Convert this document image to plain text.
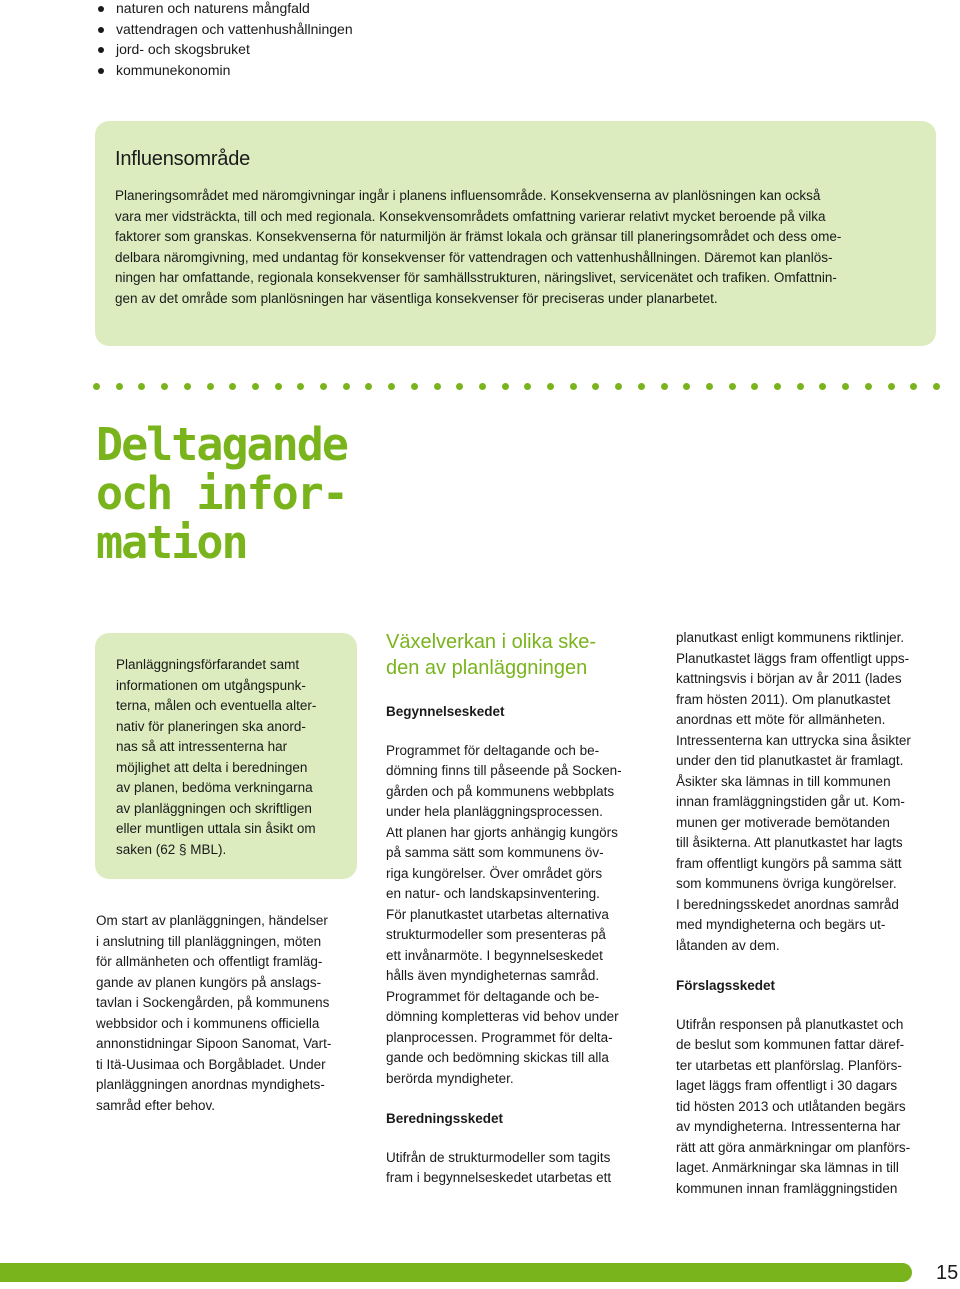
naturen och naturens mångfald
vattendragen och vattenhushållningen
jord- och skogsbruket
kommunekonomin
Influensområde

Planeringsområdet med näromgivningar ingår i planens influensområde. Konsekvenserna av planlösningen kan också
vara mer vidsträckta, till och med regionala. Konsekvensområdets omfattning varierar relativt mycket beroende på vilka
faktorer som granskas. Konsekvenserna för naturmiljön är främst lokala och gränsar till planeringsområdet och dess ome-
delbara näromgivning, med undantag för konsekvenser för vattendragen och vattenhushållningen. Däremot kan planlös-
ningen har omfattande, regionala konsekvenser för samhällsstrukturen, näringslivet, servicenätet och trafiken. Omfattnin-
gen av det område som planlösningen har väsentliga konsekvenser för preciseras under planarbetet.

Deltagande
och infor-
mation

Planläggningsförfarandet samt
informationen om utgångspunk-
terna, målen och eventuella alter-
nativ för planeringen ska anord-
nas så att intressenterna har
möjlighet att delta i beredningen
av planen, bedöma verkningarna
av planläggningen och skriftligen
eller muntligen uttala sin åsikt om
saken (62 § MBL).

Om start av planläggningen, händelser
i anslutning till planläggningen, möten
för allmänheten och offentligt framläg-
gande av planen kungörs på anslags-
tavlan i Sockengården, på kommunens
webbsidor och i kommunens officiella
annonstidningar Sipoon Sanomat, Vart-
ti Itä-Uusimaa och Borgåbladet. Under
planläggningen anordnas myndighets-
samråd efter behov.

Växelverkan i olika ske-
den av planläggningen
Begynnelseskedet

Programmet för deltagande och be-
dömning finns till påseende på Socken-
gården och på kommunens webbplats
under hela planläggningsprocessen.
Att planen har gjorts anhängig kungörs
på samma sätt som kommunens öv-
riga kungörelser. Över området görs
en natur- och landskapsinventering.
För planutkastet utarbetas alternativa
strukturmodeller som presenteras på
ett invånarmöte. I begynnelseskedet
hålls även myndigheternas samråd.
Programmet för deltagande och be-
dömning kompletteras vid behov under
planprocessen. Programmet för delta-
gande och bedömning skickas till alla
berörda myndigheter.

Beredningsskedet

Utifrån de strukturmodeller som tagits
fram i begynnelseskedet utarbetas ett

planutkast enligt kommunens riktlinjer.
Planutkastet läggs fram offentligt upps-
kattningsvis i början av år 2011 (lades
fram hösten 2011). Om planutkastet
anordnas ett möte för allmänheten.
Intressenterna kan uttrycka sina åsikter
under den tid planutkastet är framlagt.
Åsikter ska lämnas in till kommunen
innan framläggningstiden går ut. Kom-
munen ger motiverade bemötanden
till åsikterna. Att planutkastet har lagts
fram offentligt kungörs på samma sätt
som kommunens övriga kungörelser.
I beredningsskedet anordnas samråd
med myndigheterna och begärs ut-
låtanden av dem.

Förslagsskedet

Utifrån responsen på planutkastet och
de beslut som kommunen fattar däref-
ter utarbetas ett planförslag. Planförs-
laget läggs fram offentligt i 30 dagars
tid hösten 2013 och utlåtanden begärs
av myndigheterna. Intressenterna har
rätt att göra anmärkningar om planförs-
laget. Anmärkningar ska lämnas in till
kommunen innan framläggningstiden

15
